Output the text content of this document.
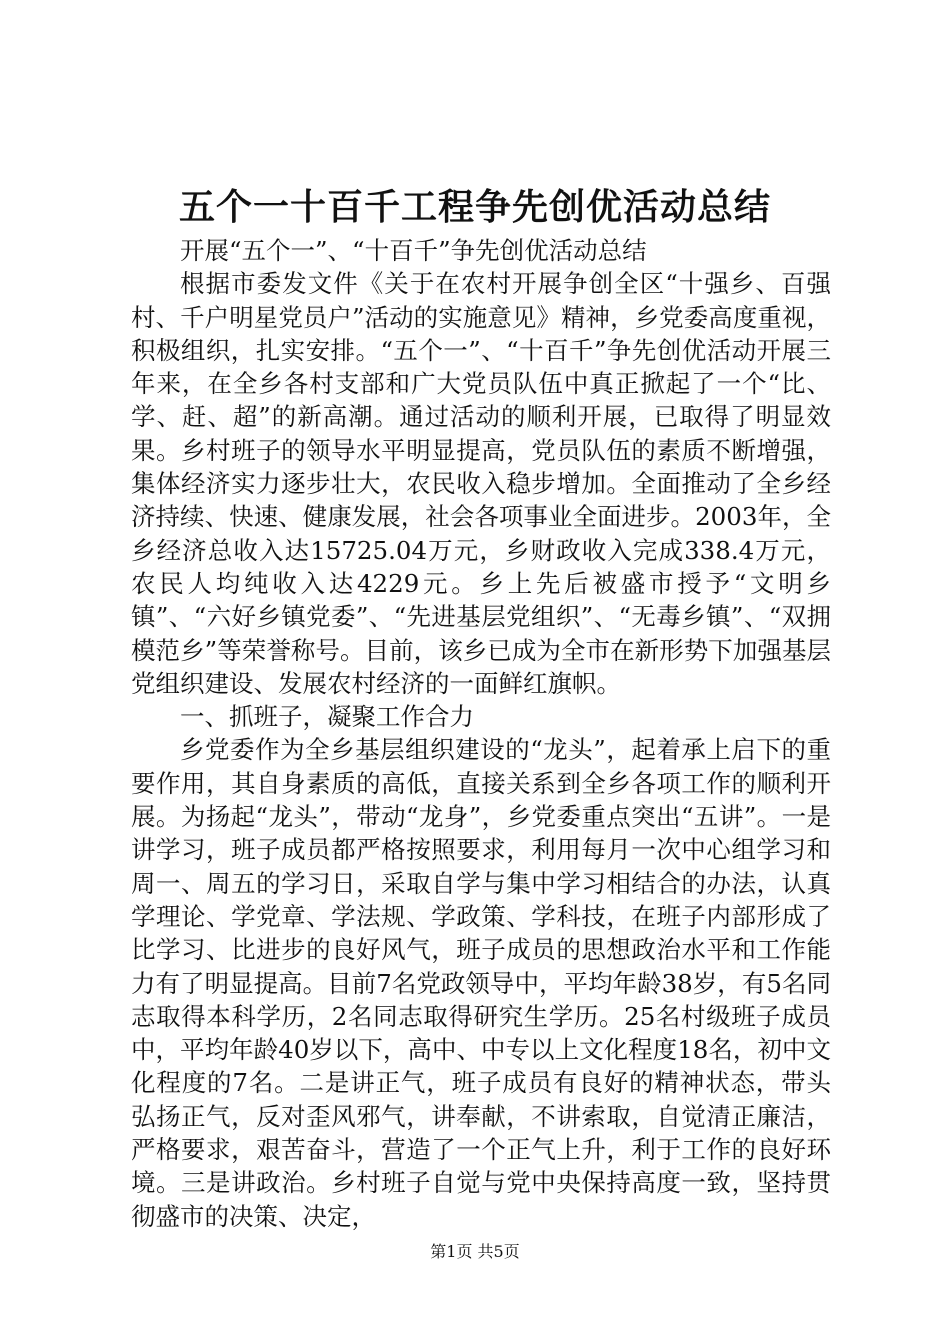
五个一十百千工程争先创优活动总结

开展“五个一”、“十百千”争先创优活动总结

根据市委发文件《关于在农村开展争创全区“十强乡、百强村、千户明星党员户”活动的实施意见》精神，乡党委高度重视，积极组织，扎实安排。“五个一”、“十百千”争先创优活动开展三年来，在全乡各村支部和广大党员队伍中真正掀起了一个“比、学、赶、超”的新高潮。通过活动的顺利开展，已取得了明显效果。乡村班子的领导水平明显提高，党员队伍的素质不断增强，集体经济实力逐步壮大，农民收入稳步增加。全面推动了全乡经济持续、快速、健康发展，社会各项事业全面进步。2003年，全乡经济总收入达15725.04万元，乡财政收入完成338.4万元，农民人均纯收入达4229元。乡上先后被盛市授予“文明乡镇”、“六好乡镇党委”、“先进基层党组织”、“无毒乡镇”、“双拥模范乡”等荣誉称号。目前，该乡已成为全市在新形势下加强基层党组织建设、发展农村经济的一面鲜红旗帜。

一、抓班子，凝聚工作合力

乡党委作为全乡基层组织建设的“龙头”，起着承上启下的重要作用，其自身素质的高低，直接关系到全乡各项工作的顺利开展。为扬起“龙头”，带动“龙身”，乡党委重点突出“五讲”。一是讲学习，班子成员都严格按照要求，利用每月一次中心组学习和周一、周五的学习日，采取自学与集中学习相结合的办法，认真学理论、学党章、学法规、学政策、学科技，在班子内部形成了比学习、比进步的良好风气，班子成员的思想政治水平和工作能力有了明显提高。目前7名党政领导中，平均年龄38岁，有5名同志取得本科学历，2名同志取得研究生学历。25名村级班子成员中，平均年龄40岁以下，高中、中专以上文化程度18名，初中文化程度的7名。二是讲正气，班子成员有良好的精神状态，带头弘扬正气，反对歪风邪气，讲奉献，不讲索取，自觉清正廉洁，严格要求，艰苦奋斗，营造了一个正气上升，利于工作的良好环境。三是讲政治。乡村班子自觉与党中央保持高度一致，坚持贯彻盛市的决策、决定，

第1页 共5页
